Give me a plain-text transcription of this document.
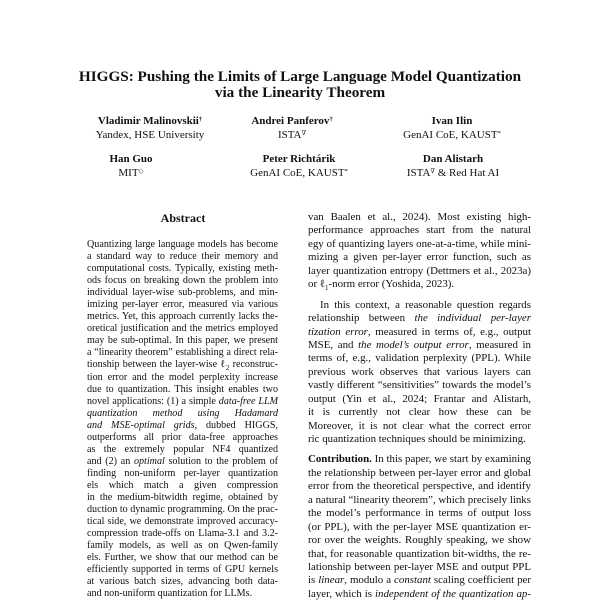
HIGGS: Pushing the Limits of Large Language Model Quantization
via the Linearity Theorem
Vladimir Malinovskii†
Yandex, HSE University
Andrei Panferov†
ISTA∇
Ivan Ilin
GenAI CoE, KAUST*
Han Guo
MIT◇
Peter Richtárik
GenAI CoE, KAUST*
Dan Alistarh
ISTA∇ & Red Hat AI
Abstract
Quantizing large language models has become
a standard way to reduce their memory and
computational costs. Typically, existing meth-
ods focus on breaking down the problem into
individual layer-wise sub-problems, and min-
imizing per-layer error, measured via various
metrics. Yet, this approach currently lacks the-
oretical justification and the metrics employed
may be sub-optimal. In this paper, we present
a “linearity theorem” establishing a direct rela-
tionship between the layer-wise ℓ$_2$ reconstruc-
tion error and the model perplexity increase
due to quantization. This insight enables two
novel applications: (1) a simple data-free LLM
quantization method using Hadamard
and MSE-optimal grids, dubbed HIGGS,
outperforms all prior data-free approaches
as the extremely popular NF4 quantized
and (2) an optimal solution to the problem of
finding non-uniform per-layer quantization
els which match a given compression
in the medium-bitwidth regime, obtained by
duction to dynamic programming. On the prac-
tical side, we demonstrate improved accuracy-
compression trade-offs on Llama-3.1 and 3.2-
family models, as well as on Qwen-family
els. Further, we show that our method can be
efficiently supported in terms of GPU kernels
at various batch sizes, advancing both data-
and non-uniform quantization for LLMs.
van Baalen et al., 2024). Most existing high-
performance approaches start from the natural
egy of quantizing layers one-at-a-time, while mini-
mizing a given per-layer error function, such as
layer quantization entropy (Dettmers et al., 2023a)
or ℓ$_1$-norm error (Yoshida, 2023).
In this context, a reasonable question regards
relationship between the individual per-layer
tization error, measured in terms of, e.g., output
MSE, and the model’s output error, measured in
terms of, e.g., validation perplexity (PPL). While
previous work observes that various layers can
vastly different “sensitivities” towards the model’s
output (Yin et al., 2024; Frantar and Alistarh,
it is currently not clear how these can be
Moreover, it is not clear what the correct error
ric quantization techniques should be minimizing.
Contribution. In this paper, we start by examining
the relationship between per-layer error and global
error from the theoretical perspective, and identify
a natural “linearity theorem”, which precisely links
the model’s performance in terms of output loss
(or PPL), with the per-layer MSE quantization er-
ror over the weights. Roughly speaking, we show
that, for reasonable quantization bit-widths, the re-
lationship between per-layer MSE and output PPL
is linear, modulo a constant scaling coefficient per
layer, which is independent of the quantization ap-
